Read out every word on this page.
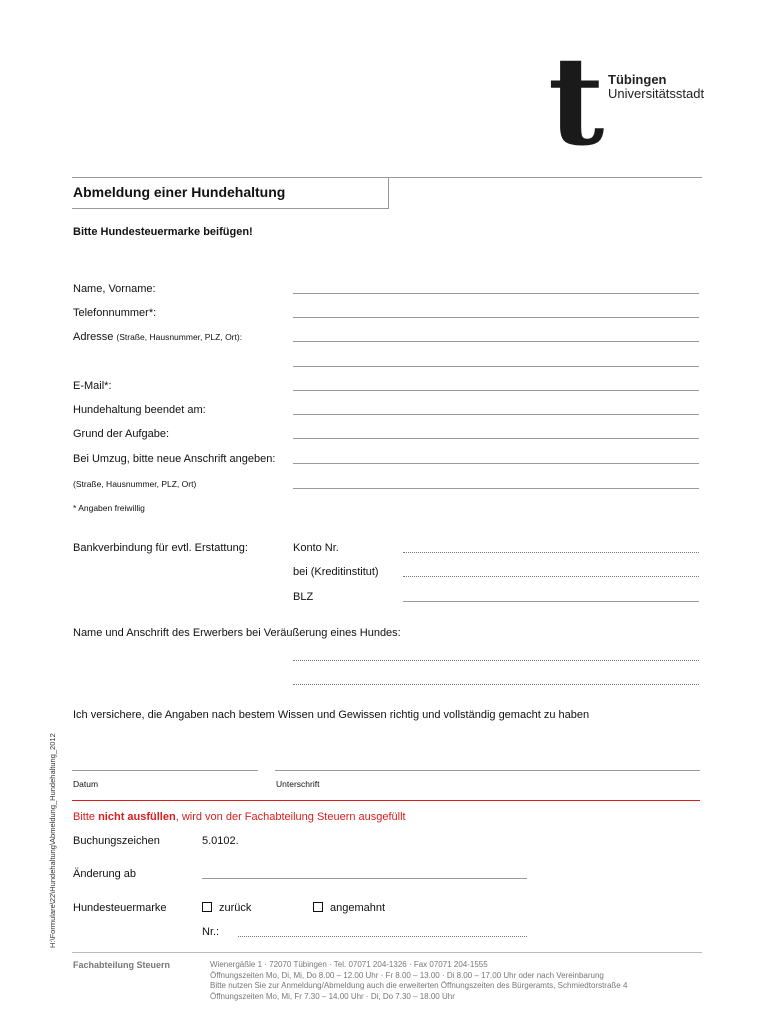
t Tübingen
Universitätsstadt
Abmeldung einer Hundehaltung
Bitte Hundesteuermarke beifügen!
Name, Vorname:
Telefonnummer*:
Adresse (Straße, Hausnummer, PLZ, Ort):
E-Mail*:
Hundehaltung beendet am:
Grund der Aufgabe:
Bei Umzug, bitte neue Anschrift angeben:
(Straße, Hausnummer, PLZ, Ort)
* Angaben freiwillig
Bankverbindung für evtl. Erstattung:	Konto Nr.
bei (Kreditinstitut)
BLZ
Name und Anschrift des Erwerbers bei Veräußerung eines Hundes:
Ich versichere, die Angaben nach bestem Wissen und Gewissen richtig und vollständig gemacht zu haben
Datum	Unterschrift
H:\Formulare\22\Hundehaltung\Abmeldung_Hundehaltung_2012 Bitte nicht ausfüllen, wird von der Fachabteilung Steuern ausgefüllt
Buchungszeichen	5.0102.
Änderung ab
Hundesteuermarke	zurück	angemahnt
Nr.:
Fachabteilung Steuern	Wienergäßle 1 · 72070 Tübingen · Tel. 07071 204-1326 · Fax 07071 204-1555
Öffnungszeiten Mo, Di, Mi, Do 8.00 – 12.00 Uhr · Fr 8.00 – 13.00 · Di 8.00 – 17.00 Uhr oder nach Vereinbarung
Bitte nutzen Sie zur Anmeldung/Abmeldung auch die erweiterten Öffnungszeiten des Bürgeramts, Schmiedtorstraße 4
Öffnungszeiten Mo, Mi, Fr 7.30 – 14.00 Uhr · Di, Do 7.30 – 18.00 Uhr
